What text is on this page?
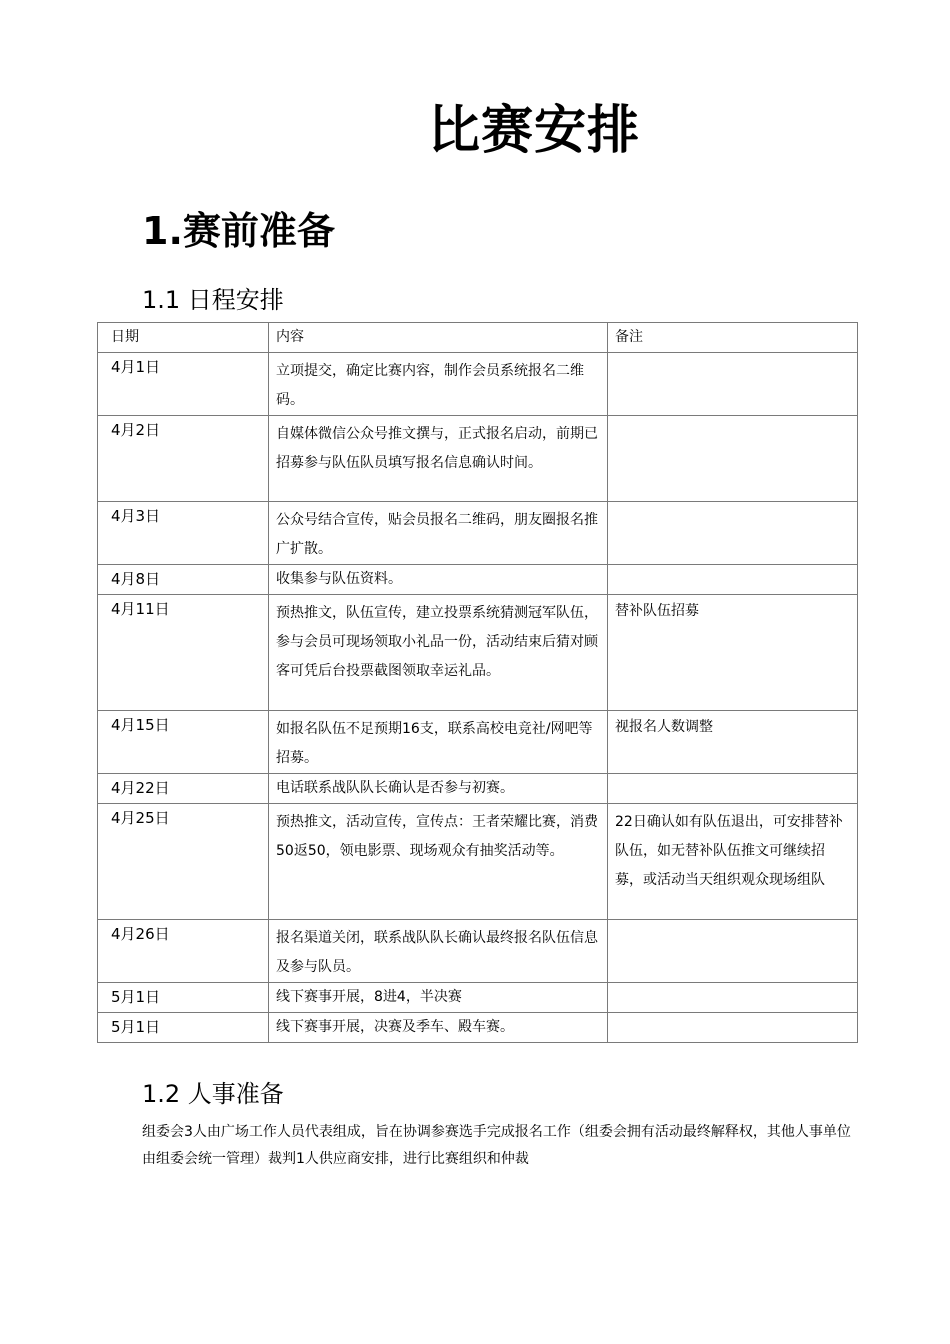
比赛安排
1.赛前准备
1.1 日程安排
日期	内容	备注
4月1日	立项提交，确定比赛内容，制作会员系统报名二维码。	
4月2日	自媒体微信公众号推文撰与，正式报名启动，前期已招募参与队伍队员填写报名信息确认时间。	
4月3日	公众号结合宣传，贴会员报名二维码，朋友圈报名推广扩散。	
4月8日	收集参与队伍资料。	
4月11日	预热推文，队伍宣传，建立投票系统猜测冠军队伍，参与会员可现场领取小礼品一份，活动结束后猜对顾客可凭后台投票截图领取幸运礼品。	替补队伍招募
4月15日	如报名队伍不足预期16支，联系高校电竞社/网吧等招募。	视报名人数调整
4月22日	电话联系战队队长确认是否参与初赛。	
4月25日	预热推文，活动宣传，宣传点：王者荣耀比赛，消费50返50，领电影票、现场观众有抽奖活动等。	22日确认如有队伍退出，可安排替补队伍，如无替补队伍推文可继续招募，或活动当天组织观众现场组队
4月26日	报名渠道关闭，联系战队队长确认最终报名队伍信息及参与队员。	
5月1日	线下赛事开展，8进4，半决赛	
5月1日	线下赛事开展，决赛及季车、殿车赛。	
1.2 人事准备
组委会3人由广场工作人员代表组成，旨在协调参赛选手完成报名工作（组委会拥有活动最终解释权，其他人事单位由组委会统一管理）裁判1人供应商安排，进行比赛组织和仲裁
